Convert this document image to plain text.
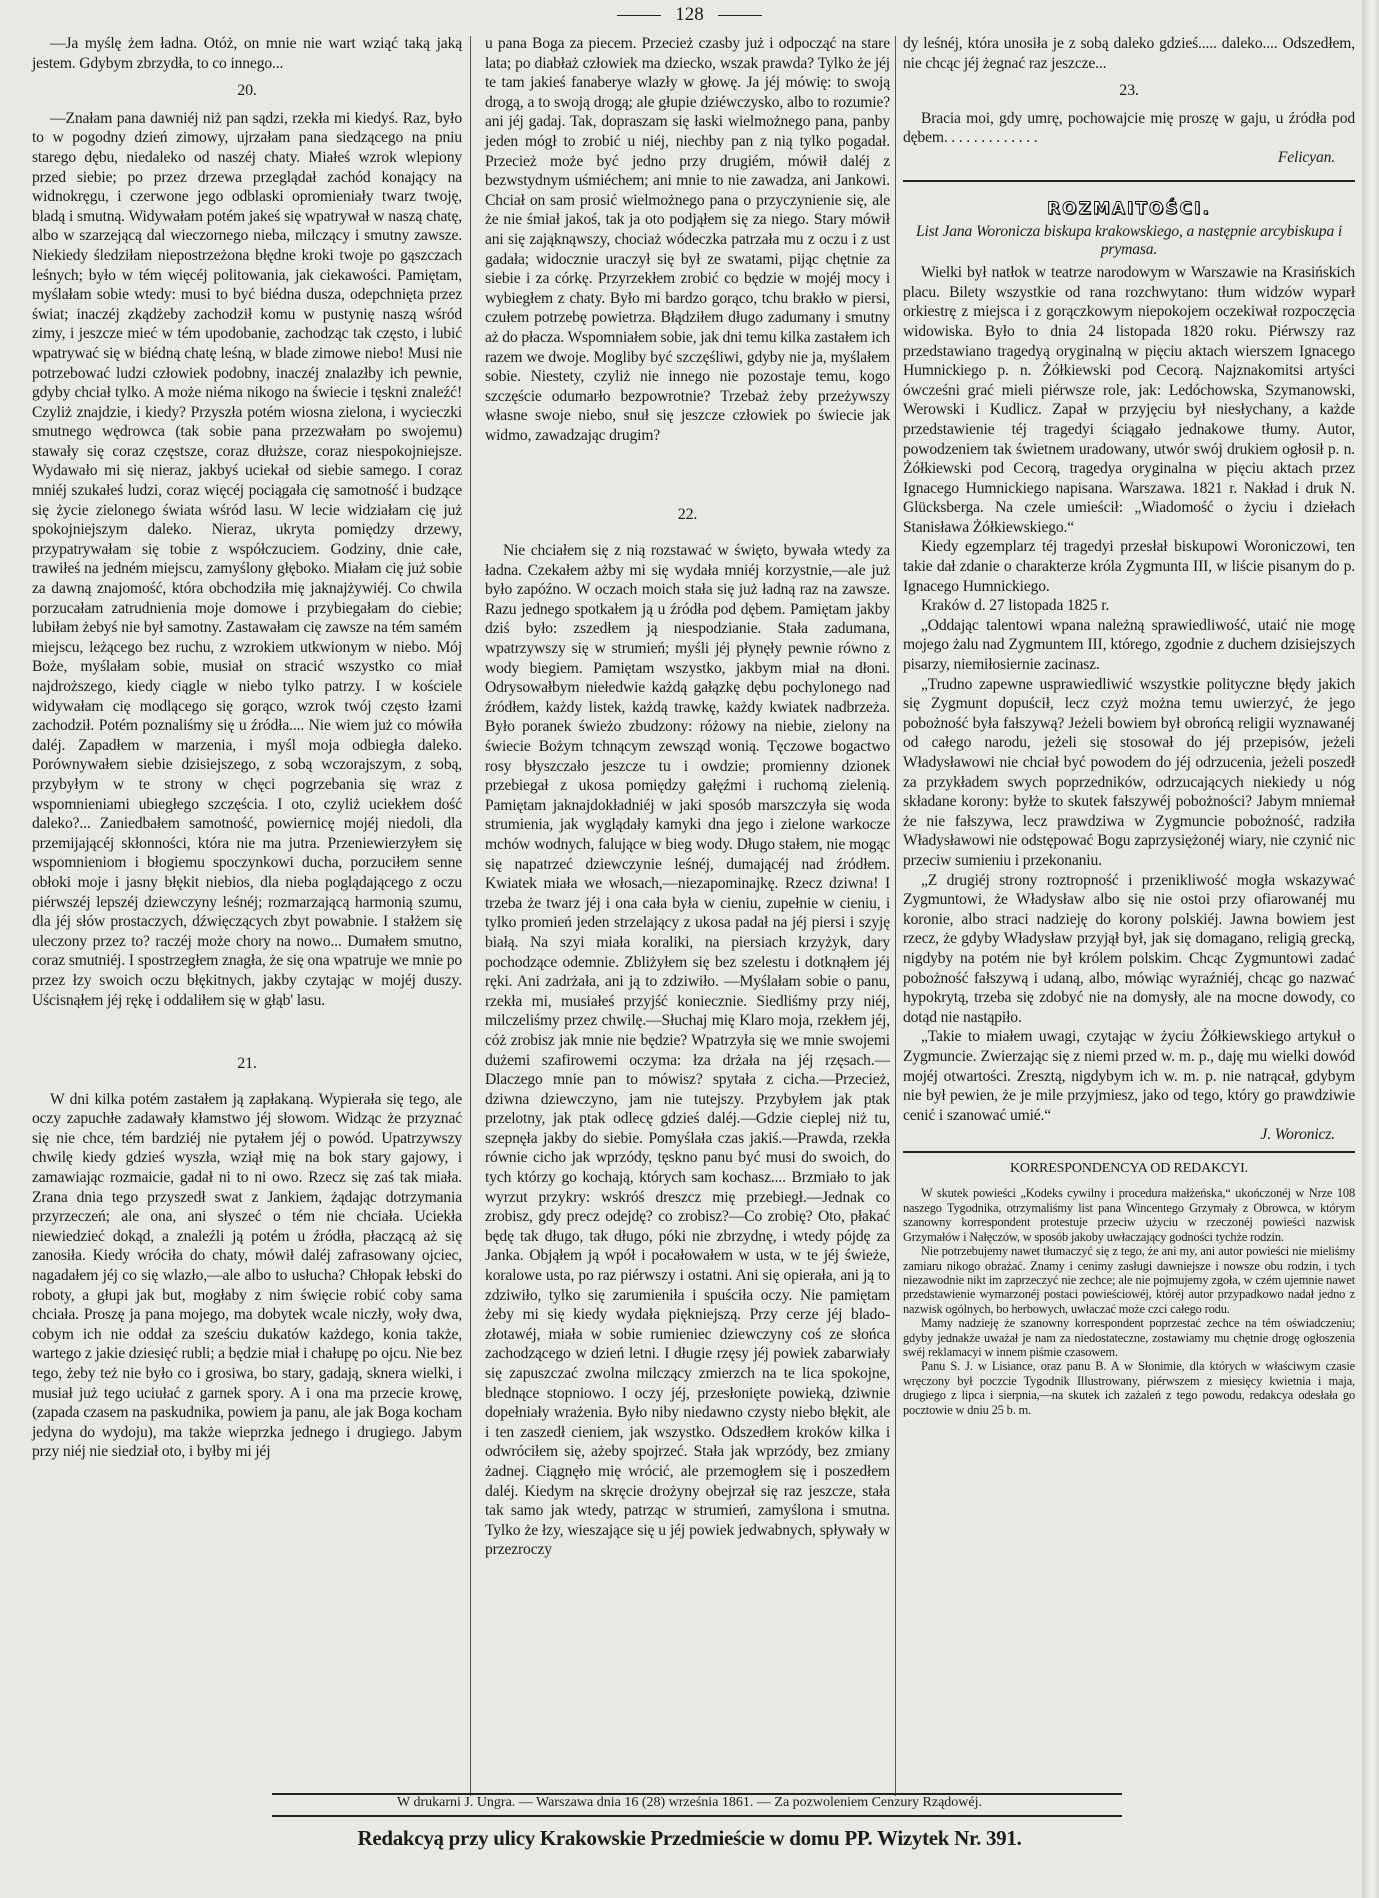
128

—Ja myślę żem ładna. Otóż, on mnie nie wart wziąć taką jaką jestem. Gdybym zbrzydła, to co innego...

20.

—Znałam pana dawniéj niż pan sądzi, rzekła mi kiedyś. Raz, było to w pogodny dzień zimowy, ujrzałam pana siedzącego na pniu starego dębu, niedaleko od naszéj chaty. Miałeś wzrok wlepiony przed siebie; po przez drzewa przeglądał zachód konający na widnokręgu, i czerwone jego odblaski opromieniały twarz twoję, bladą i smutną. Widywałam potém jakeś się wpatrywał w naszą chatę, albo w szarzejącą dal wieczornego nieba, milczący i smutny zawsze. Niekiedy śledziłam niepostrzeżona błędne kroki twoje po gąszczach leśnych; było w tém więcéj politowania, jak ciekawości. Pamiętam, myślałam sobie wtedy: musi to być biédna dusza, odepchnięta przez świat; inaczéj zkądżeby zachodził komu w pustynię naszą wśród zimy, i jeszcze mieć w tém upodobanie, zachodząc tak często, i lubić wpatrywać się w biédną chatę leśną, w blade zimowe niebo! Musi nie potrzebować ludzi człowiek podobny, inaczéj znalazłby ich pewnie, gdyby chciał tylko. A może niéma nikogo na świecie i tęskni znaleźć! Czyliż znajdzie, i kiedy? Przyszła potém wiosna zielona, i wycieczki smutnego wędrowca (tak sobie pana przezwałam po swojemu) stawały się coraz częstsze, coraz dłuższe, coraz niespokojniejsze. Wydawało mi się nieraz, jakbyś uciekał od siebie samego. I coraz mniéj szukałeś ludzi, coraz więcéj pociągała cię samotność i budzące się życie zielonego świata wśród lasu. W lecie widziałam cię już spokojniejszym daleko. Nieraz, ukryta pomiędzy drzewy, przypatrywałam się tobie z współczuciem. Godziny, dnie całe, trawiłeś na jedném miejscu, zamyślony głęboko. Miałam cię już sobie za dawną znajomość, która obchodziła mię jaknajżywiéj. Co chwila porzucałam zatrudnienia moje domowe i przybiegałam do ciebie; lubiłam żebyś nie był samotny. Zastawałam cię zawsze na tém samém miejscu, leżącego bez ruchu, z wzrokiem utkwionym w niebo. Mój Boże, myślałam sobie, musiał on stracić wszystko co miał najdroższego, kiedy ciągle w niebo tylko patrzy. I w kościele widywałam cię modlącego się gorąco, wzrok twój często łzami zachodził. Potém poznaliśmy się u źródła.... Nie wiem już co mówiła daléj. Zapadłem w marzenia, i myśl moja odbiegła daleko. Porównywałem siebie dzisiejszego, z sobą wczorajszym, z sobą, przybyłym w te strony w chęci pogrzebania się wraz z wspomnieniami ubiegłego szczęścia. I oto, czyliż uciekłem dość daleko?... Zaniedbałem samotność, powiernicę mojéj niedoli, dla przemijającéj skłonności, która nie ma jutra. Przeniewierzyłem się wspomnieniom i błogiemu spoczynkowi ducha, porzuciłem senne obłoki moje i jasny błękit niebios, dla nieba poglądającego z oczu piérwszéj lepszéj dziewczyny leśnéj; rozmarzającą harmonią szumu, dla jéj słów prostaczych, dźwięczących zbyt powabnie. I stałżem się uleczony przez to? raczéj może chory na nowo... Dumałem smutno, coraz smutniéj. I spostrzegłem znagła, że się ona wpatruje we mnie po przez łzy swoich oczu błękitnych, jakby czytając w mojéj duszy. Uścisnąłem jéj rękę i oddaliłem się w głąb' lasu.

21.

W dni kilka potém zastałem ją zapłakaną. Wypierała się tego, ale oczy zapuchłe zadawały kłamstwo jéj słowom. Widząc że przyznać się nie chce, tém bardziéj nie pytałem jéj o powód. Upatrzywszy chwilę kiedy gdzieś wyszła, wziął mię na bok stary gajowy, i zamawiając rozmaicie, gadał ni to ni owo. Rzecz się zaś tak miała. Zrana dnia tego przyszedł swat z Jankiem, żądając dotrzymania przyrzeczeń; ale ona, ani słyszeć o tém nie chciała. Uciekła niewiedzieć dokąd, a znaleźli ją potém u źródła, płaczącą aż się zanosiła. Kiedy wróciła do chaty, mówił daléj zafrasowany ojciec, nagadałem jéj co się wlazło,—ale albo to usłucha? Chłopak łebski do roboty, a głupi jak but, mogłaby z nim święcie robić coby sama chciała. Proszę ja pana mojego, ma dobytek wcale niczły, woły dwa, cobym ich nie oddał za sześciu dukatów każdego, konia także, wartego z jakie dziesięć rubli; a będzie miał i chałupę po ojcu. Nie bez tego, żeby też nie było co i grosiwa, bo stary, gadają, sknera wielki, i musiał już tego uciułać z garnek spory. A i ona ma przecie krowę, (zapada czasem na paskudnika, powiem ja panu, ale jak Boga kocham jedyna do wydoju), ma także wieprzka jednego i drugiego. Jabym przy niéj nie siedział oto, i byłby mi jéj

u pana Boga za piecem. Przecież czasby już i odpocząć na stare lata; po diabłaż człowiek ma dziecko, wszak prawda? Tylko że jéj te tam jakieś fanaberye wlazły w głowę. Ja jéj mówię: to swoją drogą, a to swoją drogą; ale głupie dziéwczysko, albo to rozumie? ani jéj gadaj. Tak, dopraszam się łaski wielmożnego pana, panby jeden mógł to zrobić u niéj, niechby pan z nią tylko pogadał. Przecież może być jedno przy drugiém, mówił daléj z bezwstydnym uśmiéchem; ani mnie to nie zawadza, ani Jankowi. Chciał on sam prosić wielmożnego pana o przyczynienie się, ale że nie śmiał jakoś, tak ja oto podjąłem się za niego. Stary mówił ani się zająknąwszy, chociaż wódeczka patrzała mu z oczu i z ust gadała; widocznie uraczył się był ze swatami, pijąc chętnie za siebie i za córkę. Przyrzekłem zrobić co będzie w mojéj mocy i wybiegłem z chaty. Było mi bardzo gorąco, tchu brakło w piersi, czułem potrzebę powietrza. Błądziłem długo zadumany i smutny aż do płacza. Wspomniałem sobie, jak dni temu kilka zastałem ich razem we dwoje. Mogliby być szczęśliwi, gdyby nie ja, myślałem sobie. Niestety, czyliż nie innego nie pozostaje temu, kogo szczęście odumarło bezpowrotnie? Trzebaż żeby przeżywszy własne swoje niebo, snuł się jeszcze człowiek po świecie jak widmo, zawadzając drugim?

22.

Nie chciałem się z nią rozstawać w święto, bywała wtedy za ładna. Czekałem ażby mi się wydała mniéj korzystnie,—ale już było zapóźno. W oczach moich stała się już ładną raz na zawsze. Razu jednego spotkałem ją u źródła pod dębem. Pamiętam jakby dziś było: zszedłem ją niespodzianie. Stała zadumana, wpatrzywszy się w strumień; myśli jéj płynęły pewnie równo z wody biegiem. Pamiętam wszystko, jakbym miał na dłoni. Odrysowałbym niełedwie każdą gałązkę dębu pochylonego nad źródłem, każdy listek, każdą trawkę, każdy kwiatek nadbrzeża. Było poranek świeżo zbudzony: różowy na niebie, zielony na świecie Bożym tchnącym zewsząd wonią. Tęczowe bogactwo rosy błyszczało jeszcze tu i owdzie; promienny dzionek przebiegał z ukosa pomiędzy gałęźmi i ruchomą zielenią. Pamiętam jaknajdokładniéj w jaki sposób marszczyła się woda strumienia, jak wyglądały kamyki dna jego i zielone warkocze mchów wodnych, falujące w bieg wody. Długo stałem, nie mogąc się napatrzeć dziewczynie leśnéj, dumającéj nad źródłem. Kwiatek miała we włosach,—niezapominajkę. Rzecz dziwna! I trzeba że twarz jéj i ona cała była w cieniu, zupełnie w cieniu, i tylko promień jeden strzelający z ukosa padał na jéj piersi i szyję białą. Na szyi miała koraliki, na piersiach krzyżyk, dary pochodzące odemnie. Zbliżyłem się bez szelestu i dotknąłem jéj ręki. Ani zadrżała, ani ją to zdziwiło. —Myślałam sobie o panu, rzekła mi, musiałeś przyjść koniecznie. Siedliśmy przy niéj, milczeliśmy przez chwilę.—Słuchaj mię Klaro moja, rzekłem jéj, cóż zrobisz jak mnie nie będzie? Wpatrzyła się we mnie swojemi dużemi szafirowemi oczyma: łza drżała na jéj rzęsach.—Dlaczego mnie pan to mówisz? spytała z cicha.—Przecież, dziwna dziewczyno, jam nie tutejszy. Przybyłem jak ptak przelotny, jak ptak odlecę gdzieś daléj.—Gdzie cieplej niż tu, szepnęła jakby do siebie. Pomyślała czas jakiś.—Prawda, rzekła równie cicho jak wprzódy, tęskno panu być musi do swoich, do tych którzy go kochają, których sam kochasz.... Brzmiało to jak wyrzut przykry: wskróś dreszcz mię przebiegł.—Jednak co zrobisz, gdy precz odejdę? co zrobisz?—Co zrobię? Oto, płakać będę tak długo, tak długo, póki nie zbrzydnę, i wtedy pójdę za Janka. Objąłem ją wpół i pocałowałem w usta, w te jéj świeże, koralowe usta, po raz piérwszy i ostatni. Ani się opierała, ani ją to zdziwiło, tylko się zarumieniła i spuściła oczy. Nie pamiętam żeby mi się kiedy wydała piękniejszą. Przy cerze jéj blado-złotawéj, miała w sobie rumieniec dziewczyny coś ze słońca zachodzącego w dzień letni. I długie rzęsy jéj powiek zabarwiały się zapuszczać zwolna milczący zmierzch na te lica spokojne, blednące stopniowo. I oczy jéj, przesłonięte powieką, dziwnie dopełniały wrażenia. Było niby niedawno czysty niebo błękit, ale i ten zaszedł cieniem, jak wszystko. Odszedłem kroków kilka i odwróciłem się, ażeby spojrzeć. Stała jak wprzódy, bez zmiany żadnej. Ciągnęło mię wrócić, ale przemogłem się i poszedłem daléj. Kiedym na skręcie drożyny obejrzał się raz jeszcze, stała tak samo jak wtedy, patrząc w strumień, zamyślona i smutna. Tylko że łzy, wieszające się u jéj powiek jedwabnych, spływały w przezroczy

dy leśnéj, która unosiła je z sobą daleko gdzieś..... daleko.... Odszedłem, nie chcąc jéj żegnać raz jeszcze...

23.

Bracia moi, gdy umrę, pochowajcie mię proszę w gaju, u źródła pod dębem. . . . . . . . . . . . .

Felicyan.

ROZMAITOŚCI.

List Jana Woronicza biskupa krakowskiego, a następnie arcybiskupa i prymasa.

Wielki był natłok w teatrze narodowym w Warszawie na Krasińskich placu. Bilety wszystkie od rana rozchwytano: tłum widzów wyparł orkiestrę z miejsca i z gorączkowym niepokojem oczekiwał rozpoczęcia widowiska. Było to dnia 24 listopada 1820 roku. Piérwszy raz przedstawiano tragedyą oryginalną w pięciu aktach wierszem Ignacego Humnickiego p. n. Żółkiewski pod Cecorą. Najznakomitsi artyści ówcześni grać mieli piérwsze role, jak: Ledóchowska, Szymanowski, Werowski i Kudlicz. Zapał w przyjęciu był niesłychany, a każde przedstawienie téj tragedyi ściągało jednakowe tłumy. Autor, powodzeniem tak świetnem uradowany, utwór swój drukiem ogłosił p. n. Żółkiewski pod Cecorą, tragedya oryginalna w pięciu aktach przez Ignacego Humnickiego napisana. Warszawa. 1821 r. Nakład i druk N. Glücksberga. Na czele umieścił: „Wiadomość o życiu i dziełach Stanisława Żółkiewskiego.“

Kiedy egzemplarz téj tragedyi przesłał biskupowi Woroniczowi, ten takie dał zdanie o charakterze króla Zygmunta III, w liście pisanym do p. Ignacego Humnickiego.

Kraków d. 27 listopada 1825 r.

„Oddając talentowi wpana należną sprawiedliwość, utaić nie mogę mojego żalu nad Zygmuntem III, którego, zgodnie z duchem dzisiejszych pisarzy, niemiłosiernie zacinasz.

„Trudno zapewne usprawiedliwić wszystkie polityczne błędy jakich się Zygmunt dopuścił, lecz czyż można temu uwierzyć, że jego pobożność była fałszywą? Jeżeli bowiem był obrońcą religii wyznawanéj od całego narodu, jeżeli się stosował do jéj przepisów, jeżeli Władysławowi nie chciał być powodem do jéj odrzucenia, jeżeli poszedł za przykładem swych poprzedników, odrzucających niekiedy u nóg składane korony: byłże to skutek fałszywéj pobożności? Jabym mniemał że nie fałszywa, lecz prawdziwa w Zygmuncie pobożność, radziła Władysławowi nie odstępować Bogu zaprzysiężonéj wiary, nie czynić nic przeciw sumieniu i przekonaniu.

„Z drugiéj strony roztropność i przenikliwość mogła wskazywać Zygmuntowi, że Władysław albo się nie ostoi przy ofiarowanéj mu koronie, albo straci nadzieję do korony polskiéj. Jawna bowiem jest rzecz, że gdyby Władysław przyjął był, jak się domagano, religią grecką, nigdyby na potém nie był królem polskim. Chcąc Zygmuntowi zadać pobożność fałszywą i udaną, albo, mówiąc wyraźniéj, chcąc go nazwać hypokrytą, trzeba się zdobyć nie na domysły, ale na mocne dowody, co dotąd nie nastąpiło.

„Takie to miałem uwagi, czytając w życiu Żółkiewskiego artykuł o Zygmuncie. Zwierzając się z niemi przed w. m. p., daję mu wielki dowód mojéj otwartości. Zresztą, nigdybym ich w. m. p. nie natrącał, gdybym nie był pewien, że je mile przyjmiesz, jako od tego, który go prawdziwie cenić i szanować umié.“

J. Woronicz.

KORRESPONDENCYA OD REDAKCYI.

W skutek powieści „Kodeks cywilny i procedura małżeńska,“ ukończonéj w Nrze 108 naszego Tygodnika, otrzymaliśmy list pana Wincentego Grzymały z Obrowca, w którym szanowny korrespondent protestuje przeciw użyciu w rzeczonéj powieści nazwisk Grzymałów i Nałęczów, w sposób jakoby uwłaczający godności tychże rodzin.

Nie potrzebujemy nawet tłumaczyć się z tego, że ani my, ani autor powieści nie mieliśmy zamiaru nikogo obrażać. Znamy i cenimy zasługi dawniejsze i nowsze obu rodzin, i tych niezawodnie nikt im zaprzeczyć nie zechce; ale nie pojmujemy zgoła, w czém ujemnie nawet przedstawienie wymarzonéj postaci powieściowéj, któréj autor przypadkowo nadał jedno z nazwisk ogólnych, bo herbowych, uwłaczać może czci całego rodu.

Mamy nadzieję że szanowny korrespondent poprzestać zechce na tém oświadczeniu; gdyby jednakże uważał je nam za niedostateczne, zostawiamy mu chętnie drogę ogłoszenia swéj reklamacyi w innem piśmie czasowem.

Panu S. J. w Lisiance, oraz panu B. A w Słonimie, dla których w właściwym czasie wręczony był poczcie Tygodnik Illustrowany, piérwszem z miesięcy kwietnia i maja, drugiego z lipca i sierpnia,—na skutek ich zażaleń z tego powodu, redakcya odesłała go pocztowie w dniu 25 b. m.

W drukarni J. Ungra. — Warszawa dnia 16 (28) września 1861. — Za pozwoleniem Cenzury Rządowéj.
Redakcyą przy ulicy Krakowskie Przedmieście w domu PP. Wizytek Nr. 391.
